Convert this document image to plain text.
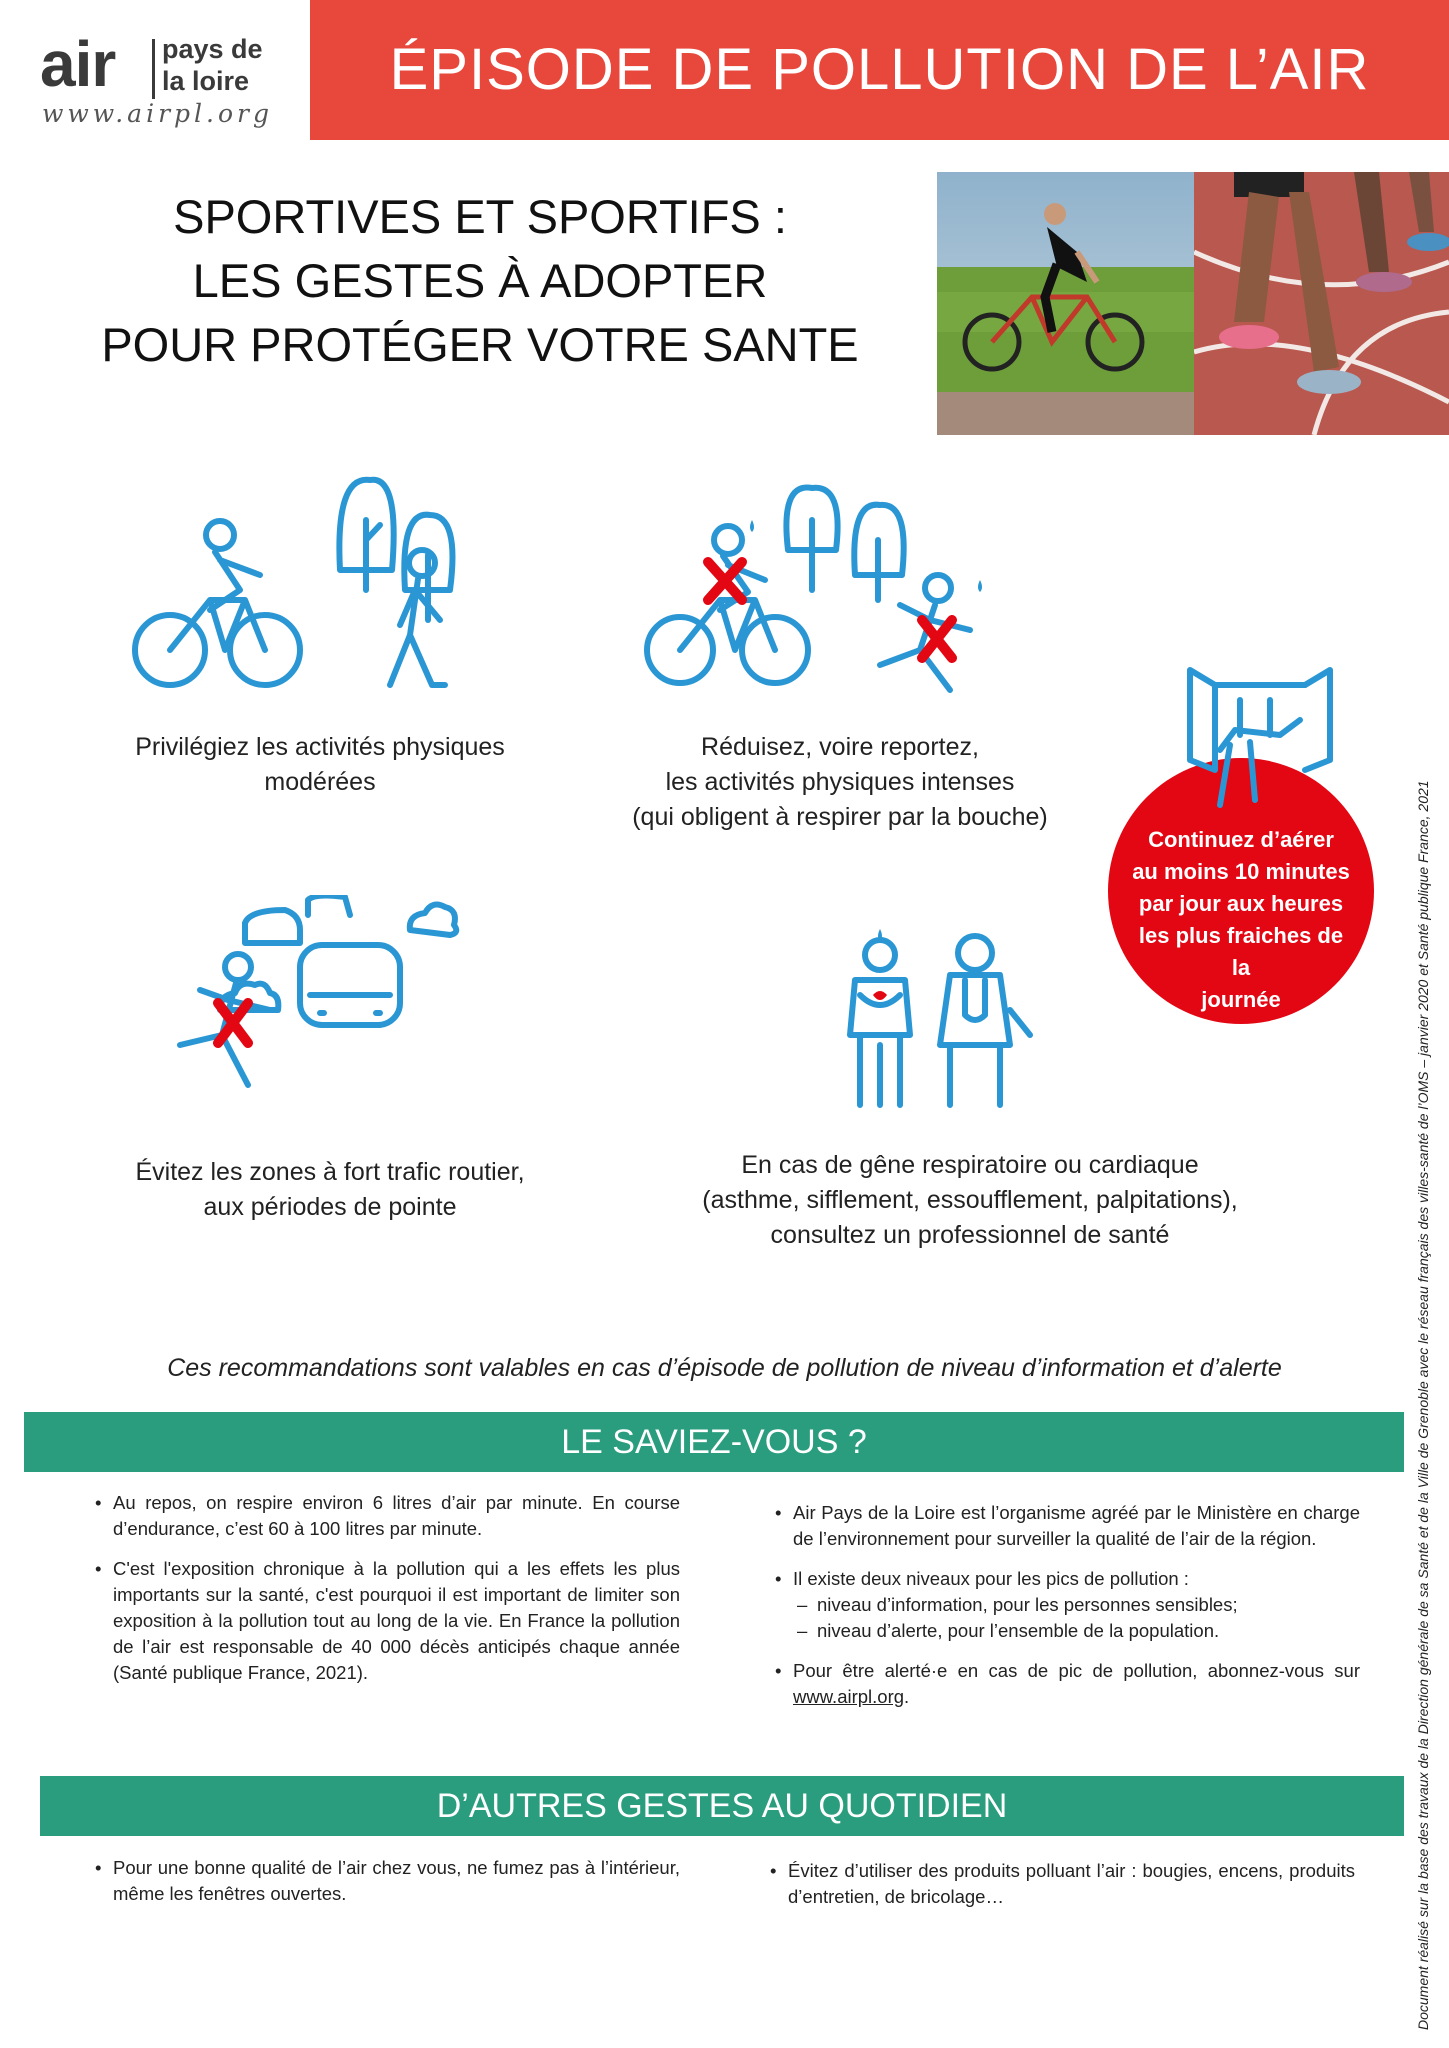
air pays de
la loire
www.airpl.org
ÉPISODE DE POLLUTION DE L’AIR
SPORTIVES ET SPORTIFS :
LES GESTES À ADOPTER
POUR PROTÉGER VOTRE SANTE
Privilégiez les activités physiques
modérées
Réduisez, voire reportez,
les activités physiques intenses
(qui obligent à respirer par la bouche)
Continuez d’aérer
au moins 10 minutes
par jour aux heures
les plus fraiches de la
journée
Évitez les zones à fort trafic routier,
aux périodes de pointe
En cas de gêne respiratoire ou cardiaque
(asthme, sifflement, essoufflement, palpitations),
consultez un professionnel de santé
Ces recommandations sont valables en cas d’épisode de pollution de niveau d’information et d’alerte
LE SAVIEZ-VOUS ?
• Au repos, on respire environ 6 litres d’air par minute. En course d’endurance, c’est 60 à 100 litres par minute.
• C'est l'exposition chronique à la pollution qui a les effets les plus importants sur la santé, c'est pourquoi il est important de limiter son exposition à la pollution tout au long de la vie. En France la pollution de l’air est responsable de 40 000 décès anticipés chaque année (Santé publique France, 2021).
• Air Pays de la Loire est l’organisme agréé par le Ministère en charge de l’environnement pour surveiller la qualité de l’air de la région.
• Il existe deux niveaux pour les pics de pollution :
– niveau d’information, pour les personnes sensibles;
– niveau d’alerte, pour l’ensemble de la population.
• Pour être alerté·e en cas de pic de pollution, abonnez-vous sur www.airpl.org.
D’AUTRES GESTES AU QUOTIDIEN
• Pour une bonne qualité de l’air chez vous, ne fumez pas à l’intérieur, même les fenêtres ouvertes.
• Évitez d’utiliser des produits polluant l’air : bougies, encens, produits d’entretien, de bricolage…	Document réalisé sur la base des travaux de la Direction générale de sa Santé et de la Ville de Grenoble avec le réseau français des villes-santé de l’OMS – janvier 2020 et Santé publique France, 2021
